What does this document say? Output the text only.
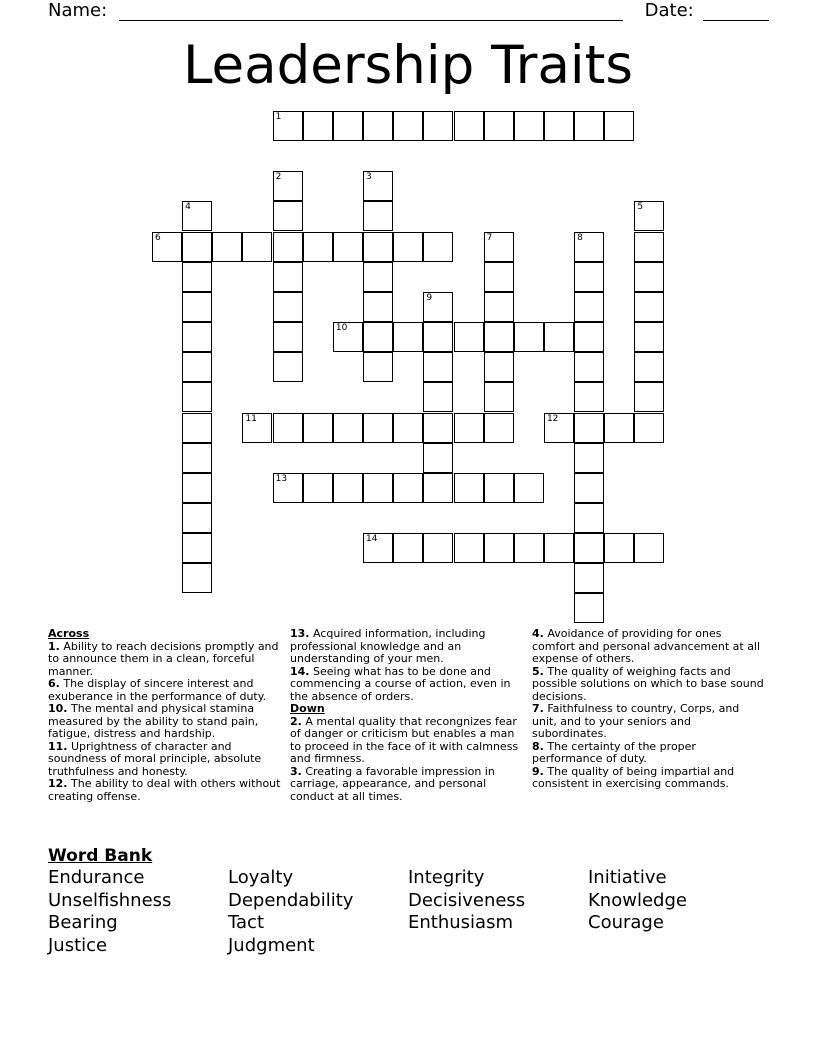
Name:	Date:
Leadership Traits
1
2	3
4	5
6	7	8
9
10
11	12
13
14
Across
1. Ability to reach decisions promptly and to announce them in a clean, forceful manner.
6. The display of sincere interest and exuberance in the performance of duty.
10. The mental and physical stamina measured by the ability to stand pain, fatigue, distress and hardship.
11. Uprightness of character and soundness of moral principle, absolute truthfulness and honesty.
12. The ability to deal with others without creating offense.
13. Acquired information, including professional knowledge and an understanding of your men.
14. Seeing what has to be done and commencing a course of action, even in the absence of orders.
Down
2. A mental quality that recongnizes fear of danger or criticism but enables a man to proceed in the face of it with calmness and firmness.
3. Creating a favorable impression in carriage, appearance, and personal conduct at all times.
4. Avoidance of providing for ones comfort and personal advancement at all expense of others.
5. The quality of weighing facts and possible solutions on which to base sound decisions.
7. Faithfulness to country, Corps, and unit, and to your seniors and subordinates.
8. The certainty of the proper performance of duty.
9. The quality of being impartial and consistent in exercising commands.
Word Bank
Endurance	Loyalty	Integrity	Initiative
Unselfishness	Dependability	Decisiveness	Knowledge
Bearing	Tact	Enthusiasm	Courage
Justice	Judgment
